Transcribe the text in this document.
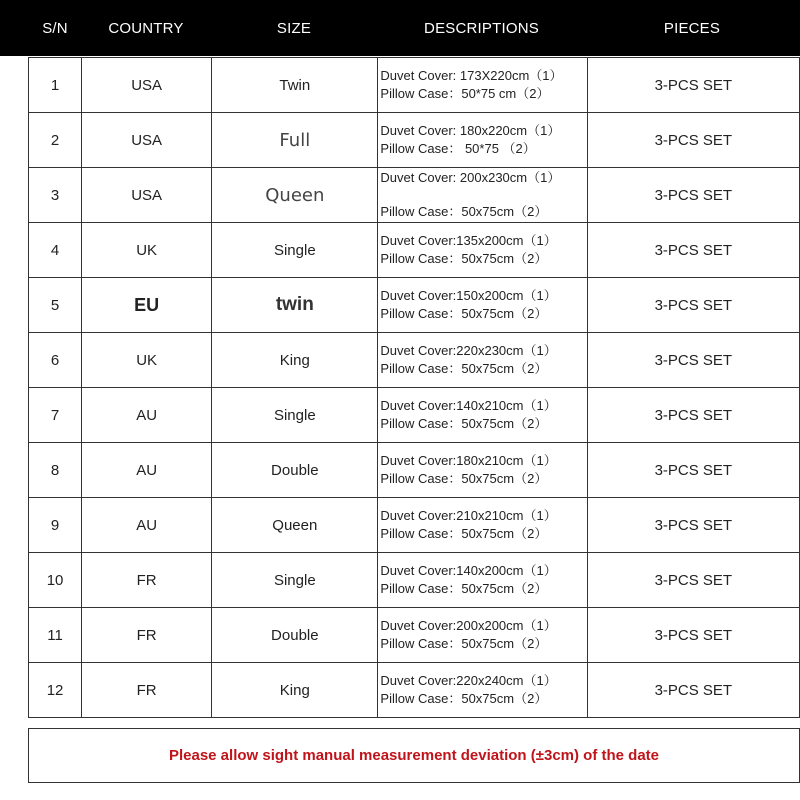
S/N	COUNTRY	SIZE	DESCRIPTIONS	PIECES
1	USA	Twin	Duvet Cover: 173X220cm（1）
Pillow Case：50*75 cm（2）	3-PCS SET
2	USA	Full	Duvet Cover: 180x220cm（1）
Pillow Case： 50*75 （2）	3-PCS SET
3	USA	Queen	Duvet Cover: 200x230cm（1）
Pillow Case：50x75cm（2）	3-PCS SET
4	UK	Single	Duvet Cover:135x200cm（1）
Pillow Case：50x75cm（2）	3-PCS SET
5	EU	twin	Duvet Cover:150x200cm（1）
Pillow Case：50x75cm（2）	3-PCS SET
6	UK	King	Duvet Cover:220x230cm（1）
Pillow Case：50x75cm（2）	3-PCS SET
7	AU	Single	Duvet Cover:140x210cm（1）
Pillow Case：50x75cm（2）	3-PCS SET
8	AU	Double	Duvet Cover:180x210cm（1）
Pillow Case：50x75cm（2）	3-PCS SET
9	AU	Queen	Duvet Cover:210x210cm（1）
Pillow Case：50x75cm（2）	3-PCS SET
10	FR	Single	Duvet Cover:140x200cm（1）
Pillow Case：50x75cm（2）	3-PCS SET
11	FR	Double	Duvet Cover:200x200cm（1）
Pillow Case：50x75cm（2）	3-PCS SET
12	FR	King	Duvet Cover:220x240cm（1）
Pillow Case：50x75cm（2）	3-PCS SET
Please allow sight manual measurement deviation (±3cm) of the date
